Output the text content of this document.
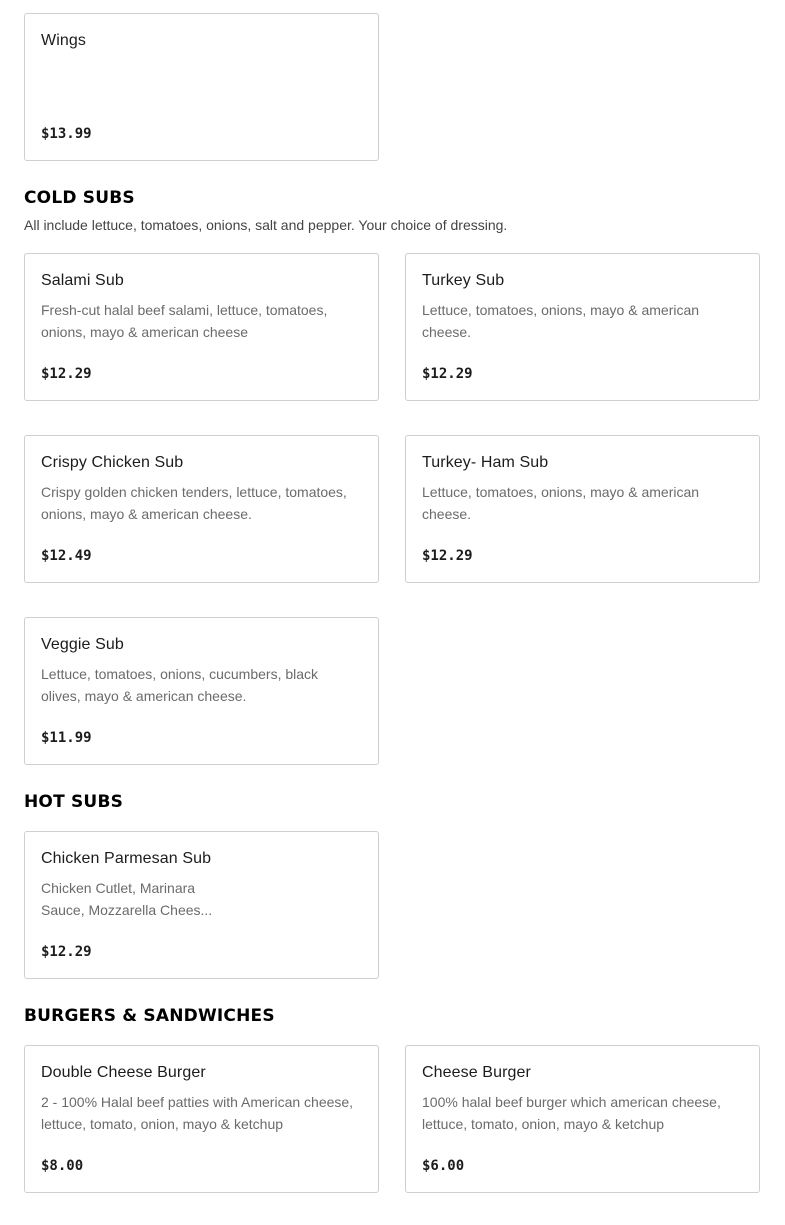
Wings
$13.99
COLD SUBS
All include lettuce, tomatoes, onions, salt and pepper. Your choice of dressing.
Salami Sub
Fresh-cut halal beef salami, lettuce, tomatoes, onions, mayo & american cheese
$12.29
Turkey Sub
Lettuce, tomatoes, onions, mayo & american cheese.
$12.29
Crispy Chicken Sub
Crispy golden chicken tenders, lettuce, tomatoes, onions, mayo & american cheese.
$12.49
Turkey- Ham Sub
Lettuce, tomatoes, onions, mayo & american cheese.
$12.29
Veggie Sub
Lettuce, tomatoes, onions, cucumbers, black olives, mayo & american cheese.
$11.99
HOT SUBS
Chicken Parmesan Sub
Chicken Cutlet, Marinara Sauce, Mozzarella Chees...
$12.29
BURGERS & SANDWICHES
Double Cheese Burger
2 - 100% Halal beef patties with American cheese, lettuce, tomato, onion, mayo & ketchup
$8.00
Cheese Burger
100% halal beef burger which american cheese, lettuce, tomato, onion, mayo & ketchup
$6.00
